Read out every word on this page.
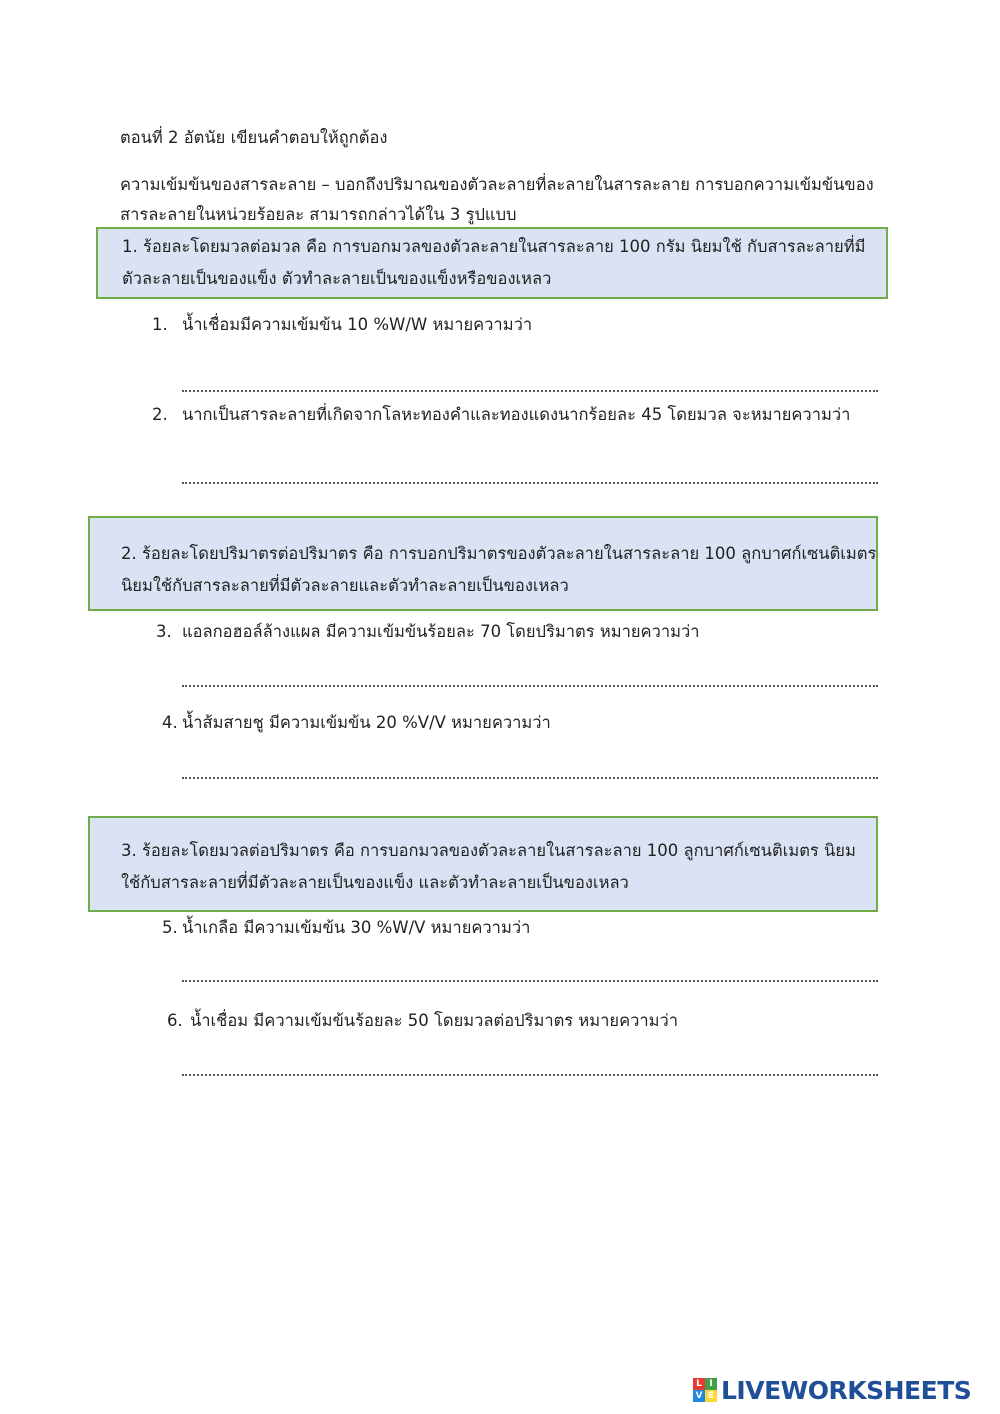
ตอนที่ 2 อัตนัย เขียนคำตอบให้ถูกต้อง
ความเข้มข้นของสารละลาย – บอกถึงปริมาณของตัวละลายที่ละลายในสารละลาย การบอกความเข้มข้นของ
สารละลายในหน่วยร้อยละ สามารถกล่าวได้ใน 3 รูปแบบ
1. ร้อยละโดยมวลต่อมวล คือ การบอกมวลของตัวละลายในสารละลาย 100 กรัม นิยมใช้ กับสารละลายที่มี
ตัวละลายเป็นของแข็ง ตัวทำละลายเป็นของแข็งหรือของเหลว
1. น้ำเชื่อมมีความเข้มข้น 10 %W/W หมายความว่า
2. นากเป็นสารละลายที่เกิดจากโลหะทองคำและทองแดงนากร้อยละ 45 โดยมวล จะหมายความว่า
2. ร้อยละโดยปริมาตรต่อปริมาตร คือ การบอกปริมาตรของตัวละลายในสารละลาย 100 ลูกบาศก์เซนติเมตร
นิยมใช้กับสารละลายที่มีตัวละลายและตัวทำละลายเป็นของเหลว
3. แอลกอฮอล์ล้างแผล มีความเข้มข้นร้อยละ 70 โดยปริมาตร หมายความว่า
4. น้ำส้มสายชู มีความเข้มข้น 20 %V/V หมายความว่า
3. ร้อยละโดยมวลต่อปริมาตร คือ การบอกมวลของตัวละลายในสารละลาย 100 ลูกบาศก์เซนติเมตร นิยม
ใช้กับสารละลายที่มีตัวละลายเป็นของแข็ง และตัวทำละลายเป็นของเหลว
5. น้ำเกลือ มีความเข้มข้น 30 %W/V หมายความว่า
6. น้ำเชื่อม มีความเข้มข้นร้อยละ 50 โดยมวลต่อปริมาตร หมายความว่า
L I
V E LIVEWORKSHEETS
